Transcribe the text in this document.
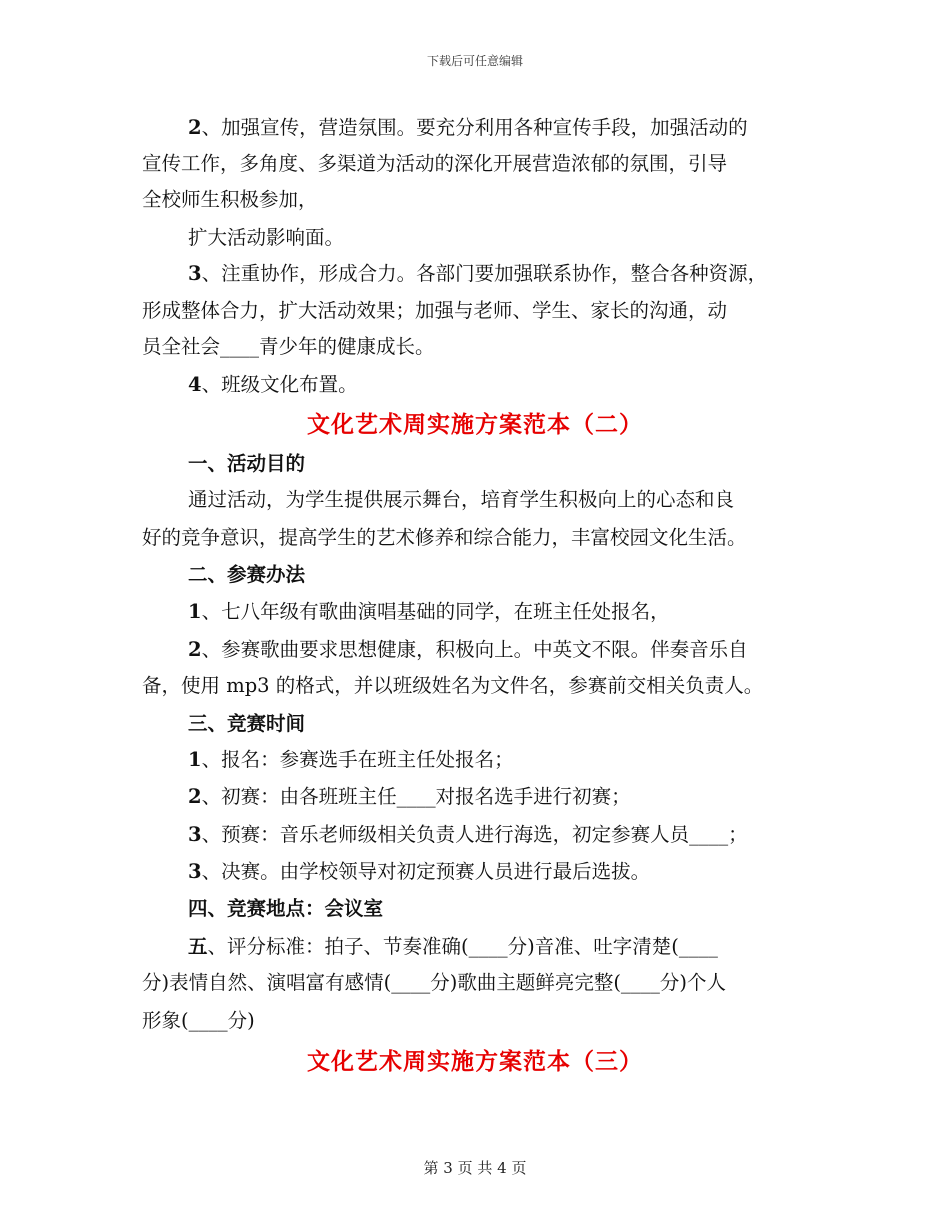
下载后可任意编辑
2、加强宣传，营造氛围。要充分利用各种宣传手段，加强活动的
宣传工作，多角度、多渠道为活动的深化开展营造浓郁的氛围，引导
全校师生积极参加，
扩大活动影响面。
3、注重协作，形成合力。各部门要加强联系协作，整合各种资源，
形成整体合力，扩大活动效果；加强与老师、学生、家长的沟通，动
员全社会____青少年的健康成长。
4、班级文化布置。
文化艺术周实施方案范本（二）
一、活动目的
通过活动，为学生提供展示舞台，培育学生积极向上的心态和良
好的竞争意识，提高学生的艺术修养和综合能力，丰富校园文化生活。
二、参赛办法
1、七八年级有歌曲演唱基础的同学，在班主任处报名，
2、参赛歌曲要求思想健康，积极向上。中英文不限。伴奏音乐自
备，使用 mp3 的格式，并以班级姓名为文件名，参赛前交相关负责人。
三、竞赛时间
1、报名：参赛选手在班主任处报名；
2、初赛：由各班班主任____对报名选手进行初赛；
3、预赛：音乐老师级相关负责人进行海选，初定参赛人员____；
3、决赛。由学校领导对初定预赛人员进行最后选拔。
四、竞赛地点：会议室
五、评分标准：拍子、节奏准确(____分)音准、吐字清楚(____
分)表情自然、演唱富有感情(____分)歌曲主题鲜亮完整(____分)个人
形象(____分)
文化艺术周实施方案范本（三）
第 3 页 共 4 页
